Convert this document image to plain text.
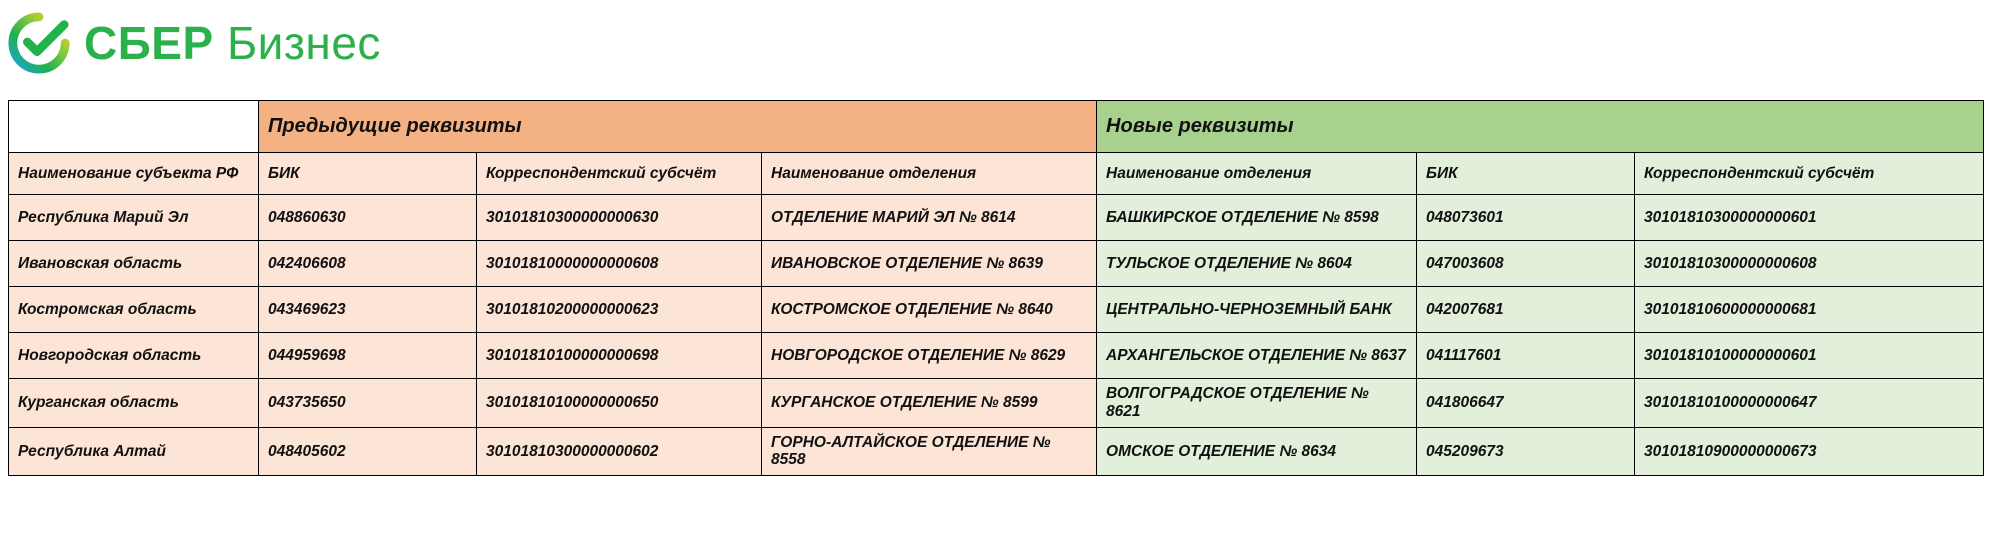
СБЕР Бизнес
	Предыдущие реквизиты			Новые реквизиты		
Наименование субъекта РФ	БИК	Корреспондентский субсчёт	Наименование отделения	Наименование отделения	БИК	Корреспондентский субсчёт
Республика Марий Эл	048860630	30101810300000000630	ОТДЕЛЕНИЕ МАРИЙ ЭЛ № 8614	БАШКИРСКОЕ ОТДЕЛЕНИЕ № 8598	048073601	30101810300000000601
Ивановская область	042406608	30101810000000000608	ИВАНОВСКОЕ ОТДЕЛЕНИЕ № 8639	ТУЛЬСКОЕ ОТДЕЛЕНИЕ № 8604	047003608	30101810300000000608
Костромская область	043469623	30101810200000000623	КОСТРОМСКОЕ ОТДЕЛЕНИЕ № 8640	ЦЕНТРАЛЬНО-ЧЕРНОЗЕМНЫЙ БАНК	042007681	30101810600000000681
Новгородская область	044959698	30101810100000000698	НОВГОРОДСКОЕ ОТДЕЛЕНИЕ № 8629	АРХАНГЕЛЬСКОЕ ОТДЕЛЕНИЕ № 8637	041117601	30101810100000000601
Курганская область	043735650	30101810100000000650	КУРГАНСКОЕ ОТДЕЛЕНИЕ № 8599	ВОЛГОГРАДСКОЕ ОТДЕЛЕНИЕ № 8621	041806647	30101810100000000647
Республика Алтай	048405602	30101810300000000602	ГОРНО-АЛТАЙСКОЕ ОТДЕЛЕНИЕ № 8558	ОМСКОЕ ОТДЕЛЕНИЕ № 8634	045209673	30101810900000000673
